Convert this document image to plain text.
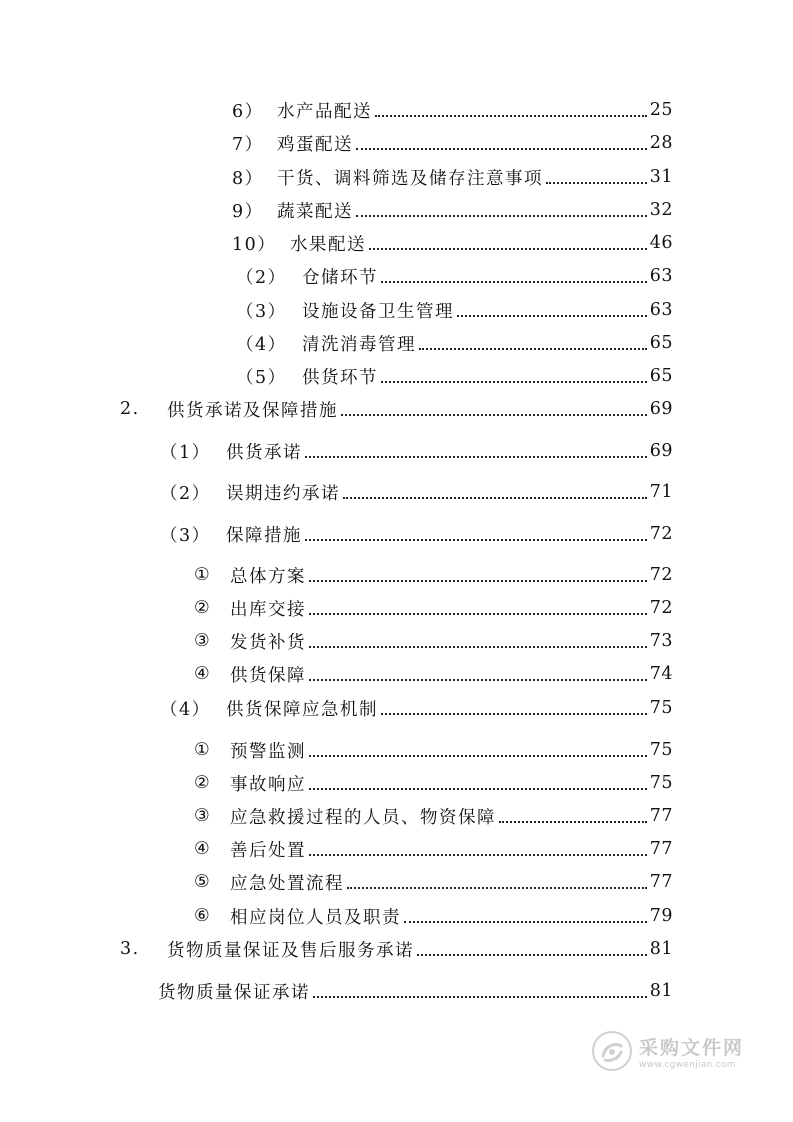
6） 水产品配送	25
7） 鸡蛋配送	28
8） 干货、调料筛选及储存注意事项	31
9） 蔬菜配送	32
10） 水果配送	46
（2） 仓储环节	63
（3） 设施设备卫生管理	63
（4） 清洗消毒管理	65
（5） 供货环节	65
2.	供货承诺及保障措施	69
（1） 供货承诺	69
（2） 误期违约承诺	71
（3） 保障措施	72
①	总体方案	72
②	出库交接	72
③	发货补货	73
④	供货保障	74
（4） 供货保障应急机制	75
①	预警监测	75
②	事故响应	75
③	应急救援过程的人员、物资保障	77
④	善后处置	77
⑤	应急处置流程	77
⑥	相应岗位人员及职责	79
3.	货物质量保证及售后服务承诺	81
货物质量保证承诺	81
采购文件网
www.cgwenjian.com
